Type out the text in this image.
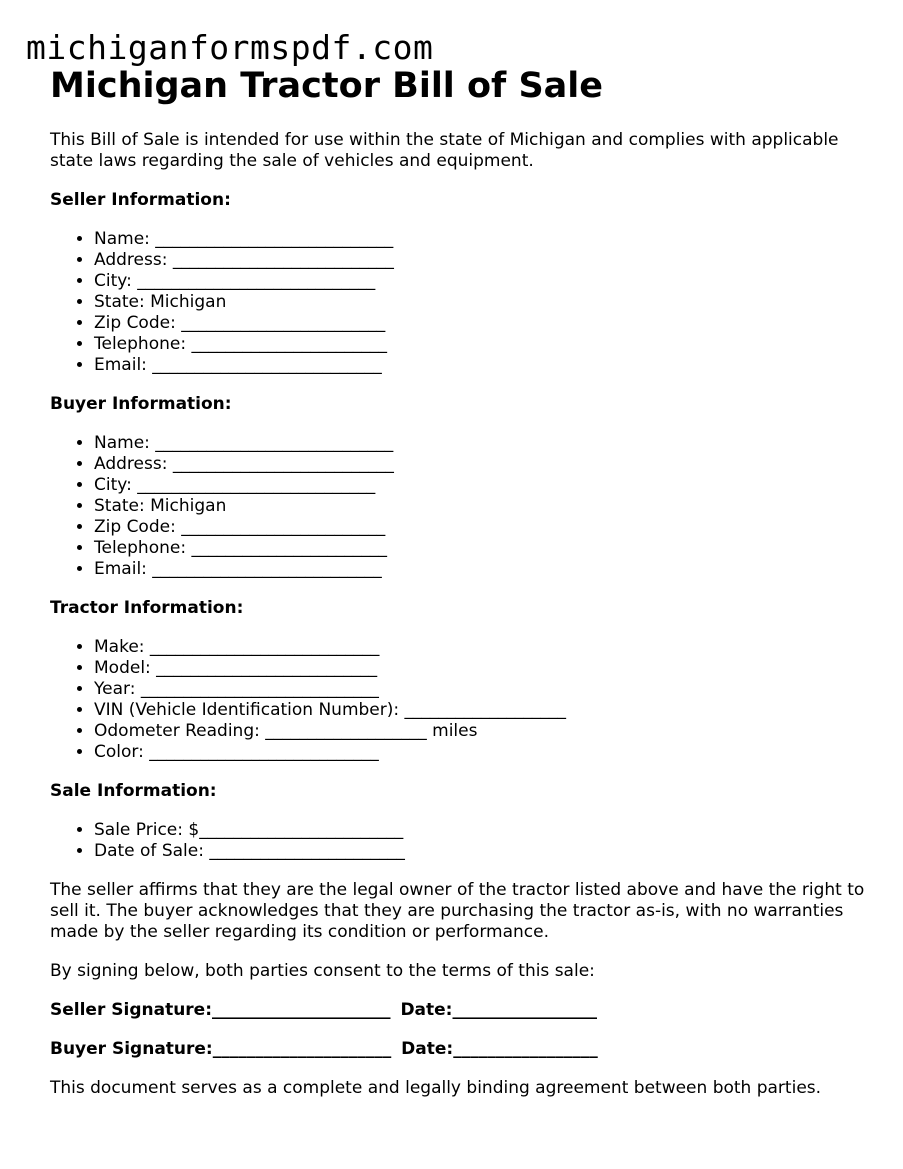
michiganformspdf.com
Michigan Tractor Bill of Sale

This Bill of Sale is intended for use within the state of Michigan and complies with applicable state laws regarding the sale of vehicles and equipment.

Seller Information:
• Name: ____________________________
• Address: __________________________
• City: ____________________________
• State: Michigan
• Zip Code: ________________________
• Telephone: _______________________
• Email: ___________________________
Buyer Information:
• Name: ____________________________
• Address: __________________________
• City: ____________________________
• State: Michigan
• Zip Code: ________________________
• Telephone: _______________________
• Email: ___________________________
Tractor Information:
• Make: ___________________________
• Model: __________________________
• Year: ____________________________
• VIN (Vehicle Identification Number): ___________________
• Odometer Reading: ___________________ miles
• Color: ___________________________
Sale Information:
• Sale Price: $________________________
• Date of Sale: _______________________

The seller affirms that they are the legal owner of the tractor listed above and have the right to sell it. The buyer acknowledges that they are purchasing the tractor as-is, with no warranties made by the seller regarding its condition or performance.

By signing below, both parties consent to the terms of this sale:

Seller Signature:_____________________ Date:_________________

Buyer Signature:_____________________ Date:_________________

This document serves as a complete and legally binding agreement between both parties.
